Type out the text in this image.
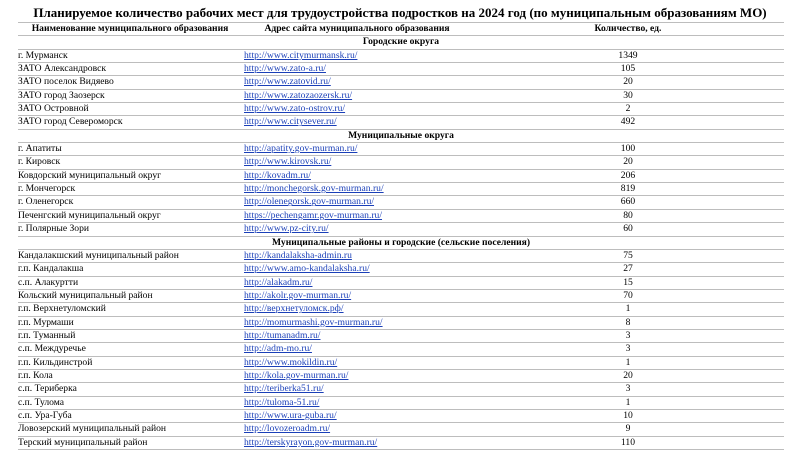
Планируемое количество рабочих мест для трудоустройства подростков на 2024 год (по муниципальным образованиям МО)
Наименование муниципального образования	Адрес сайта муниципального образования	Количество, ед.
Городские округа		
г. Мурманск	http://www.citymurmansk.ru/	1349
ЗАТО Александровск	http://www.zato-a.ru/	105
ЗАТО поселок Видяево	http://www.zatovid.ru/	20
ЗАТО город Заозерск	http://www.zatozaozersk.ru/	30
ЗАТО Островной	http://www.zato-ostrov.ru/	2
ЗАТО город Североморск	http://www.citysever.ru/	492
Муниципальные округа		
г. Апатиты	http://apatity.gov-murman.ru/	100
г. Кировск	http://www.kirovsk.ru/	20
Ковдорский муниципальный округ	http://kovadm.ru/	206
г. Мончегорск	http://monchegorsk.gov-murman.ru/	819
г. Оленегорск	http://olenegorsk.gov-murman.ru/	660
Печенгский муниципальный округ	https://pechengamr.gov-murman.ru/	80
г. Полярные Зори	http://www.pz-city.ru/	60
Муниципальные районы и городские (сельские поселения)		
Кандалакшский муниципальный район	http://kandalaksha-admin.ru	75
г.п. Кандалакша	http://www.amo-kandalaksha.ru/	27
с.п. Алакуртти	http://alakadm.ru/	15
Кольский муниципальный район	http://akolr.gov-murman.ru/	70
г.п. Верхнетуломский	http://верхнетуломск.рф/	1
г.п. Мурмаши	http://momurmashi.gov-murman.ru/	8
г.п. Туманный	http://tumanadm.ru/	3
с.п. Междуречье	http://adm-mo.ru/	3
г.п. Кильдинстрой	http://www.mokildin.ru/	1
г.п. Кола	http://kola.gov-murman.ru/	20
с.п. Териберка	http://teriberka51.ru/	3
с.п. Тулома	http://tuloma-51.ru/	1
с.п. Ура-Губа	http://www.ura-guba.ru/	10
Ловозерский муниципальный район	http://lovozeroadm.ru/	9
Терский муниципальный район	http://terskyrayon.gov-murman.ru/	110
